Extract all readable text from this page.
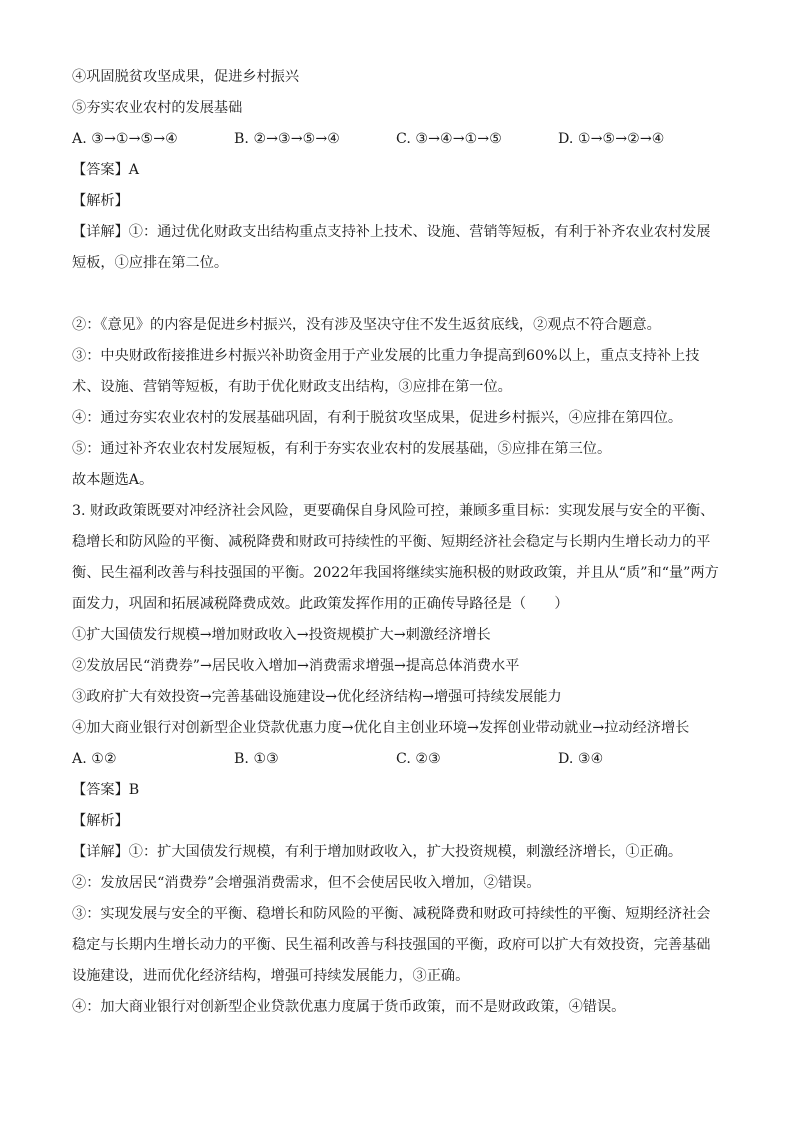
④巩固脱贫攻坚成果，促进乡村振兴
⑤夯实农业农村的发展基础
A. ③→①→⑤→④	B. ②→③→⑤→④	C. ③→④→①→⑤	D. ①→⑤→②→④
【答案】A
【解析】
【详解】①：通过优化财政支出结构重点支持补上技术、设施、营销等短板，有利于补齐农业农村发展短板，①应排在第二位。
②：《意见》的内容是促进乡村振兴，没有涉及坚决守住不发生返贫底线，②观点不符合题意。
③：中央财政衔接推进乡村振兴补助资金用于产业发展的比重力争提高到60%以上，重点支持补上技术、设施、营销等短板，有助于优化财政支出结构，③应排在第一位。
④：通过夯实农业农村的发展基础巩固，有利于脱贫攻坚成果，促进乡村振兴，④应排在第四位。
⑤：通过补齐农业农村发展短板，有利于夯实农业农村的发展基础，⑤应排在第三位。
故本题选A。
3. 财政政策既要对冲经济社会风险，更要确保自身风险可控，兼顾多重目标：实现发展与安全的平衡、稳增长和防风险的平衡、减税降费和财政可持续性的平衡、短期经济社会稳定与长期内生增长动力的平衡、民生福利改善与科技强国的平衡。2022年我国将继续实施积极的财政政策，并且从“质”和“量”两方面发力，巩固和拓展减税降费成效。此政策发挥作用的正确传导路径是（　　）
①扩大国债发行规模→增加财政收入→投资规模扩大→刺激经济增长
②发放居民“消费券”→居民收入增加→消费需求增强→提高总体消费水平
③政府扩大有效投资→完善基础设施建设→优化经济结构→增强可持续发展能力
④加大商业银行对创新型企业贷款优惠力度→优化自主创业环境→发挥创业带动就业→拉动经济增长
A. ①②	B. ①③	C. ②③	D. ③④
【答案】B
【解析】
【详解】①：扩大国债发行规模，有利于增加财政收入，扩大投资规模，刺激经济增长，①正确。
②：发放居民“消费券”会增强消费需求，但不会使居民收入增加，②错误。
③：实现发展与安全的平衡、稳增长和防风险的平衡、减税降费和财政可持续性的平衡、短期经济社会稳定与长期内生增长动力的平衡、民生福利改善与科技强国的平衡，政府可以扩大有效投资，完善基础设施建设，进而优化经济结构，增强可持续发展能力，③正确。
④：加大商业银行对创新型企业贷款优惠力度属于货币政策，而不是财政政策，④错误。
